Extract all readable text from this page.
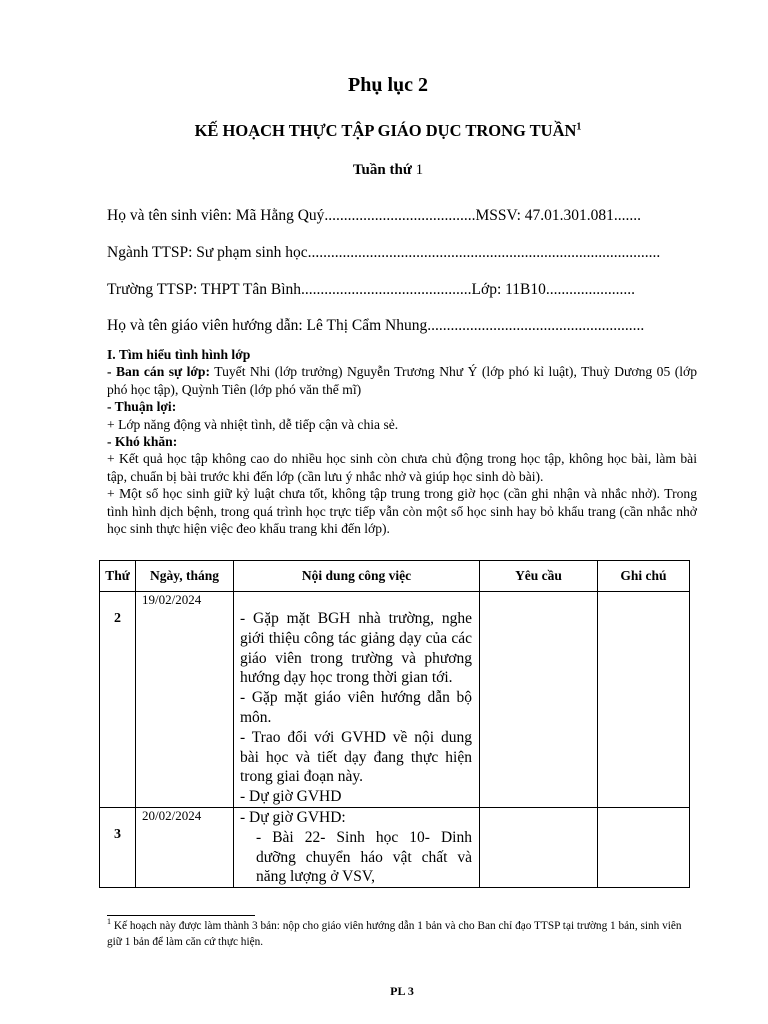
Phụ lục 2
KẾ HOẠCH THỰC TẬP GIÁO DỤC TRONG TUẦN$^1$
Tuần thứ 1
Họ và tên sinh viên: Mã Hằng Quý.......................................MSSV: 47.01.301.081.......
Ngành TTSP: Sư phạm sinh học...........................................................................................
Trường TTSP: THPT Tân Bình............................................Lớp: 11B10.......................
Họ và tên giáo viên hướng dẫn: Lê Thị Cẩm Nhung........................................................

I. Tìm hiểu tình hình lớp

- Ban cán sự lớp: Tuyết Nhi (lớp trưởng) Nguyễn Trương Như Ý (lớp phó kỉ luật), Thuỳ Dương 05 (lớp phó học tập), Quỳnh Tiên (lớp phó văn thể mĩ)

- Thuận lợi:

+ Lớp năng động và nhiệt tình, dễ tiếp cận và chia sẻ.

- Khó khăn:

+ Kết quả học tập không cao do nhiều học sinh còn chưa chủ động trong học tập, không học bài, làm bài tập, chuẩn bị bài trước khi đến lớp (cần lưu ý nhắc nhở và giúp học sinh dò bài).

+ Một số học sinh giữ kỷ luật chưa tốt, không tập trung trong giờ học (cần ghi nhận và nhắc nhở). Trong tình hình dịch bệnh, trong quá trình học trực tiếp vẫn còn một số học sinh hay bỏ khẩu trang (cần nhắc nhở học sinh thực hiện việc đeo khẩu trang khi đến lớp).

Thứ	Ngày, tháng	Nội dung công việc	Yêu cầu	Ghi chú

2	19/02/2024	- Gặp mặt BGH nhà trường, nghe giới thiệu công tác giảng dạy của các giáo viên trong trường và phương hướng dạy học trong thời gian tới.

- Gặp mặt giáo viên hướng dẫn bộ môn.

- Trao đổi với GVHD về nội dung bài học và tiết dạy đang thực hiện trong giai đoạn này.

- Dự giờ GVHD		

3	20/02/2024	- Dự giờ GVHD:

- Bài 22- Sinh học 10- Dinh dưỡng chuyển háo vật chất và năng lượng ở VSV,		

$^1$ Kế hoạch này được làm thành 3 bản: nộp cho giáo viên hướng dẫn 1 bản và cho Ban chỉ đạo TTSP tại trường 1 bản, sinh viên giữ 1 bản để làm căn cứ thực hiện.
PL 3
